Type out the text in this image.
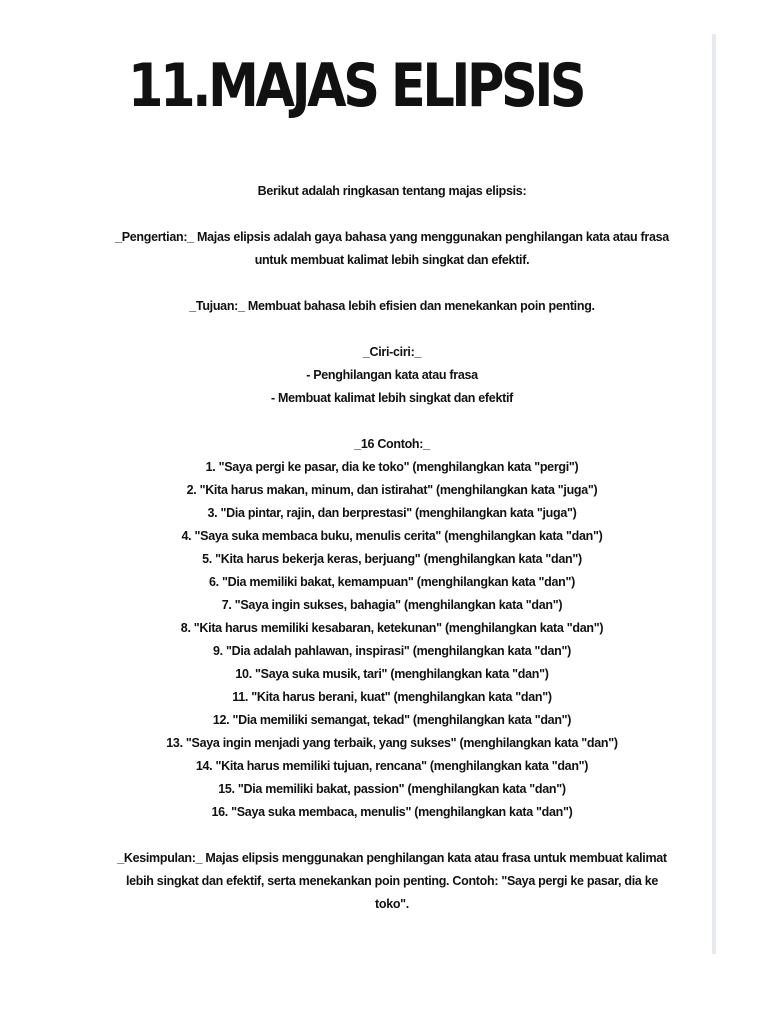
11.MAJAS ELIPSIS

Berikut adalah ringkasan tentang majas elipsis:

_Pengertian:_ Majas elipsis adalah gaya bahasa yang menggunakan penghilangan kata atau frasa

untuk membuat kalimat lebih singkat dan efektif.

_Tujuan:_ Membuat bahasa lebih efisien dan menekankan poin penting.

_Ciri-ciri:_

- Penghilangan kata atau frasa

- Membuat kalimat lebih singkat dan efektif

_16 Contoh:_

1. "Saya pergi ke pasar, dia ke toko" (menghilangkan kata "pergi")

2. "Kita harus makan, minum, dan istirahat" (menghilangkan kata "juga")

3. "Dia pintar, rajin, dan berprestasi" (menghilangkan kata "juga")

4. "Saya suka membaca buku, menulis cerita" (menghilangkan kata "dan")

5. "Kita harus bekerja keras, berjuang" (menghilangkan kata "dan")

6. "Dia memiliki bakat, kemampuan" (menghilangkan kata "dan")

7. "Saya ingin sukses, bahagia" (menghilangkan kata "dan")

8. "Kita harus memiliki kesabaran, ketekunan" (menghilangkan kata "dan")

9. "Dia adalah pahlawan, inspirasi" (menghilangkan kata "dan")

10. "Saya suka musik, tari" (menghilangkan kata "dan")

11. "Kita harus berani, kuat" (menghilangkan kata "dan")

12. "Dia memiliki semangat, tekad" (menghilangkan kata "dan")

13. "Saya ingin menjadi yang terbaik, yang sukses" (menghilangkan kata "dan")

14. "Kita harus memiliki tujuan, rencana" (menghilangkan kata "dan")

15. "Dia memiliki bakat, passion" (menghilangkan kata "dan")

16. "Saya suka membaca, menulis" (menghilangkan kata "dan")

_Kesimpulan:_ Majas elipsis menggunakan penghilangan kata atau frasa untuk membuat kalimat

lebih singkat dan efektif, serta menekankan poin penting. Contoh: "Saya pergi ke pasar, dia ke

toko".
